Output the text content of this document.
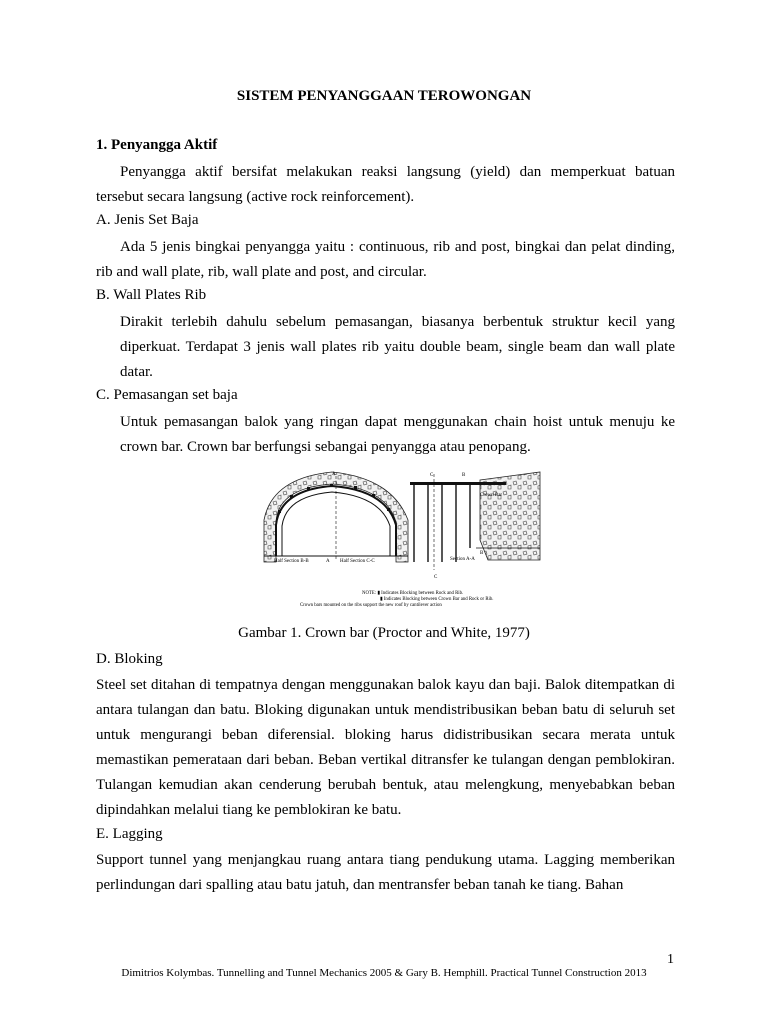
SISTEM PENYANGGAAN TEROWONGAN
1. Penyangga Aktif
Penyangga aktif bersifat melakukan reaksi langsung (yield) dan memperkuat batuan tersebut secara langsung (active rock reinforcement).
A. Jenis Set Baja
Ada 5 jenis bingkai penyangga yaitu : continuous, rib and post, bingkai dan pelat dinding, rib and wall plate, rib, wall plate and post, and circular.
B. Wall Plates Rib
Dirakit terlebih dahulu sebelum pemasangan, biasanya berbentuk struktur kecil yang diperkuat. Terdapat 3 jenis wall plates rib yaitu double beam, single beam dan wall plate datar.
C. Pemasangan set baja
Untuk pemasangan balok yang ringan dapat menggunakan chain hoist untuk menuju ke crown bar. Crown bar berfungsi sebangai penyangga atau penopang.
A	C	B
Crown Bar
Half Section B-B	A Half Section C-C
B
Section A-A
C
NOTE: ▮ Indicates Blocking between Rock and Rib.
▮ Indicates Blocking between Crown Bar and Rock or Rib.
Crown bars mounted on the ribs support the new roof by cantilever action
Gambar 1. Crown bar (Proctor and White, 1977)
D. Bloking
Steel set ditahan di tempatnya dengan menggunakan balok kayu dan baji. Balok ditempatkan di antara tulangan dan batu. Bloking digunakan untuk mendistribusikan beban batu di seluruh set untuk mengurangi beban diferensial. bloking harus didistribusikan secara merata untuk memastikan pemerataan dari beban. Beban vertikal ditransfer ke tulangan dengan pemblokiran. Tulangan kemudian akan cenderung berubah bentuk, atau melengkung, menyebabkan beban dipindahkan melalui tiang ke pemblokiran ke batu.
E. Lagging
Support tunnel yang menjangkau ruang antara tiang pendukung utama. Lagging memberikan perlindungan dari spalling atau batu jatuh, dan mentransfer beban tanah ke tiang. Bahan
1
Dimitrios Kolymbas. Tunnelling and Tunnel Mechanics 2005 & Gary B. Hemphill. Practical Tunnel Construction 2013
